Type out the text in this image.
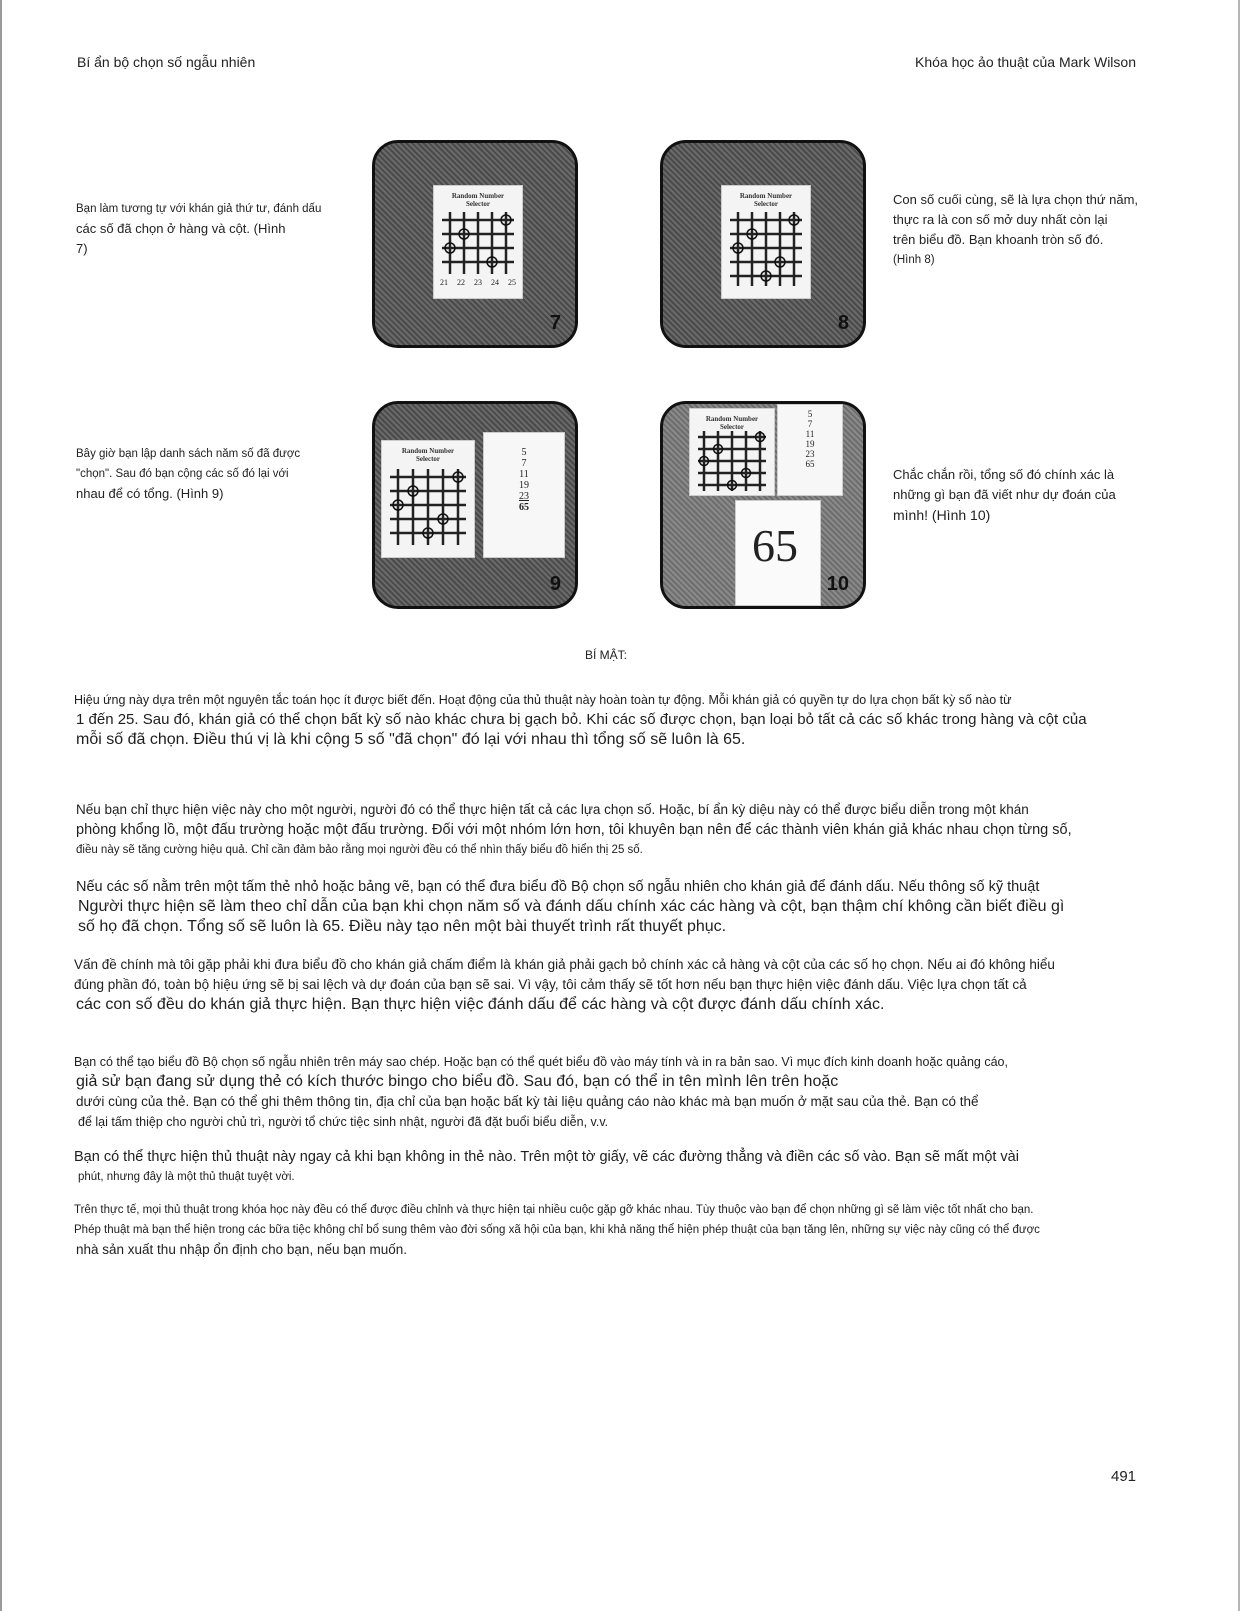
Bí ẩn bộ chọn số ngẫu nhiên	Khóa học ảo thuật của Mark Wilson
Bạn làm tương tự với khán giả thứ tư, đánh dấu
các số đã chọn ở hàng và cột. (Hình
7)
Random Number
Selector
21 22 23 24 25
7
Random Number
Selector
8
Con số cuối cùng, sẽ là lựa chọn thứ năm,
thực ra là con số mở duy nhất còn lại
trên biểu đồ. Bạn khoanh tròn số đó.
(Hình 8)
Bây giờ bạn lập danh sách năm số đã được
"chọn". Sau đó bạn cộng các số đó lại với
nhau để có tổng. (Hình 9)
Random Number
Selector
5
7
11
19
23
65
9
Random Number
Selector
5
7
11
19
23
65
65
10
Chắc chắn rồi, tổng số đó chính xác là
những gì bạn đã viết như dự đoán của
mình! (Hình 10)
BÍ MẬT:
Hiệu ứng này dựa trên một nguyên tắc toán học ít được biết đến. Hoạt động của thủ thuật này hoàn toàn tự động. Mỗi khán giả có quyền tự do lựa chọn bất kỳ số nào từ
1 đến 25. Sau đó, khán giả có thể chọn bất kỳ số nào khác chưa bị gạch bỏ. Khi các số được chọn, bạn loại bỏ tất cả các số khác trong hàng và cột của
mỗi số đã chọn. Điều thú vị là khi cộng 5 số "đã chọn" đó lại với nhau thì tổng số sẽ luôn là 65.
Nếu bạn chỉ thực hiện việc này cho một người, người đó có thể thực hiện tất cả các lựa chọn số. Hoặc, bí ẩn kỳ diệu này có thể được biểu diễn trong một khán
phòng khổng lồ, một đấu trường hoặc một đấu trường. Đối với một nhóm lớn hơn, tôi khuyên bạn nên để các thành viên khán giả khác nhau chọn từng số,
điều này sẽ tăng cường hiệu quả. Chỉ cần đảm bảo rằng mọi người đều có thể nhìn thấy biểu đồ hiển thị 25 số.
Nếu các số nằm trên một tấm thẻ nhỏ hoặc bảng vẽ, bạn có thể đưa biểu đồ Bộ chọn số ngẫu nhiên cho khán giả để đánh dấu. Nếu thông số kỹ thuật
Người thực hiện sẽ làm theo chỉ dẫn của bạn khi chọn năm số và đánh dấu chính xác các hàng và cột, bạn thậm chí không cần biết điều gì
số họ đã chọn. Tổng số sẽ luôn là 65. Điều này tạo nên một bài thuyết trình rất thuyết phục.
Vấn đề chính mà tôi gặp phải khi đưa biểu đồ cho khán giả chấm điểm là khán giả phải gạch bỏ chính xác cả hàng và cột của các số họ chọn. Nếu ai đó không hiểu
đúng phần đó, toàn bộ hiệu ứng sẽ bị sai lệch và dự đoán của bạn sẽ sai. Vì vậy, tôi cảm thấy sẽ tốt hơn nếu bạn thực hiện việc đánh dấu. Việc lựa chọn tất cả
các con số đều do khán giả thực hiện. Bạn thực hiện việc đánh dấu để các hàng và cột được đánh dấu chính xác.
Bạn có thể tạo biểu đồ Bộ chọn số ngẫu nhiên trên máy sao chép. Hoặc bạn có thể quét biểu đồ vào máy tính và in ra bản sao. Vì mục đích kinh doanh hoặc quảng cáo,
giả sử bạn đang sử dụng thẻ có kích thước bingo cho biểu đồ. Sau đó, bạn có thể in tên mình lên trên hoặc
dưới cùng của thẻ. Bạn có thể ghi thêm thông tin, địa chỉ của bạn hoặc bất kỳ tài liệu quảng cáo nào khác mà bạn muốn ở mặt sau của thẻ. Bạn có thể
để lại tấm thiệp cho người chủ trì, người tổ chức tiệc sinh nhật, người đã đặt buổi biểu diễn, v.v.
Bạn có thể thực hiện thủ thuật này ngay cả khi bạn không in thẻ nào. Trên một tờ giấy, vẽ các đường thẳng và điền các số vào. Bạn sẽ mất một vài
phút, nhưng đây là một thủ thuật tuyệt vời.
Trên thực tế, mọi thủ thuật trong khóa học này đều có thể được điều chỉnh và thực hiện tại nhiều cuộc gặp gỡ khác nhau. Tùy thuộc vào bạn để chọn những gì sẽ làm việc tốt nhất cho bạn.
Phép thuật mà bạn thể hiện trong các bữa tiệc không chỉ bổ sung thêm vào đời sống xã hội của bạn, khi khả năng thể hiện phép thuật của bạn tăng lên, những sự việc này cũng có thể được
nhà sản xuất thu nhập ổn định cho bạn, nếu bạn muốn.
491
